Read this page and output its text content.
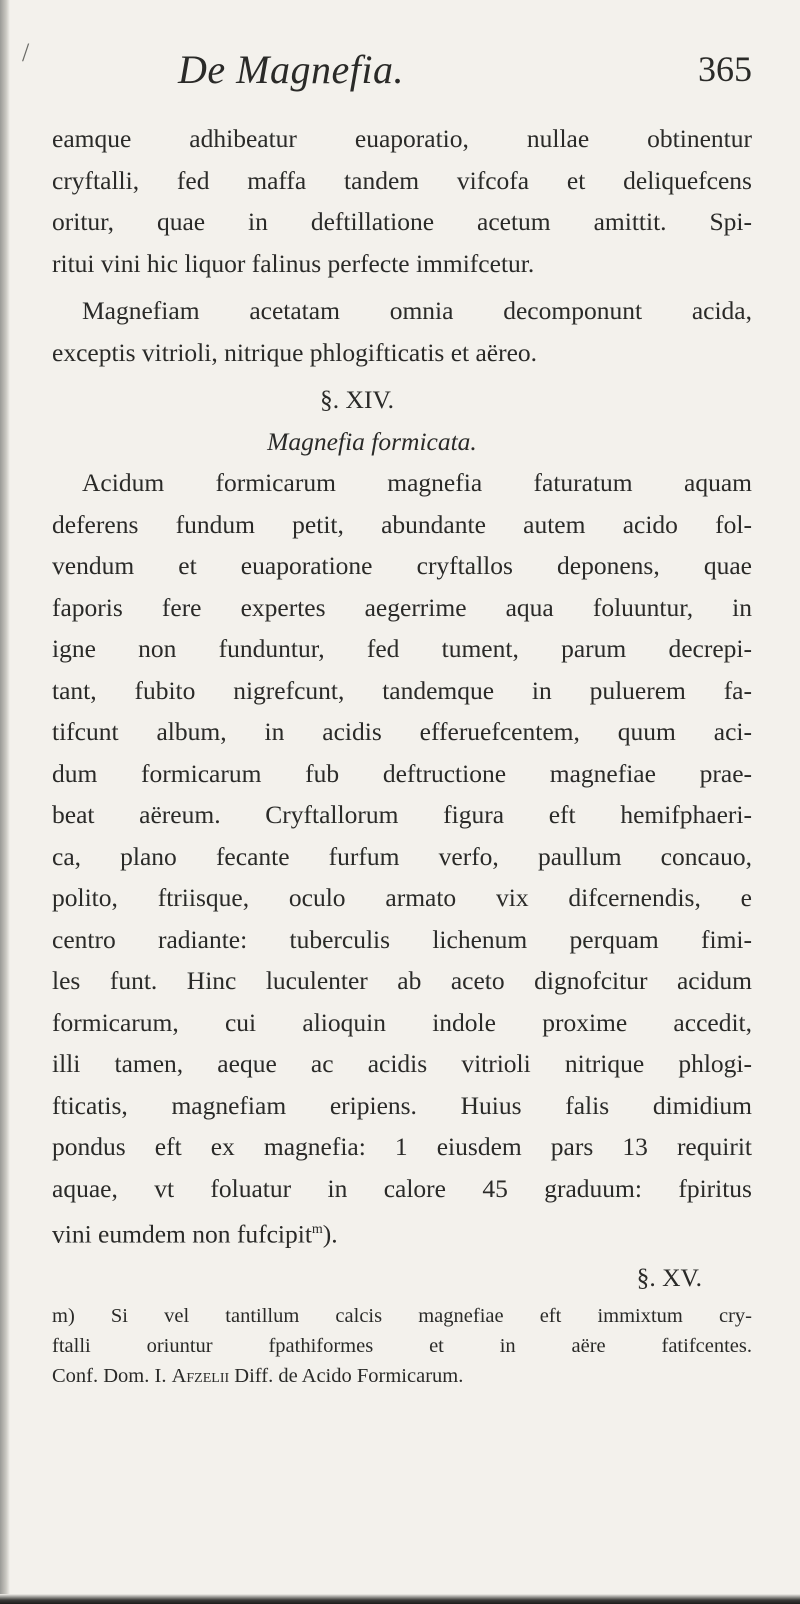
/	De Magnefia.	365

eamque adhibeatur euaporatio, nullae obtinentur
cryftalli, fed maffa tandem vifcofa et deliquefcens
oritur, quae in deftillatione acetum amittit. Spi-
ritui vini hic liquor falinus perfecte immifcetur.

Magnefiam acetatam omnia decomponunt acida,
exceptis vitrioli, nitrique phlogifticatis et aëreo.

§. XIV.
Magnefia formicata.

Acidum formicarum magnefia faturatum aquam
deferens fundum petit, abundante autem acido fol-
vendum et euaporatione cryftallos deponens, quae
faporis fere expertes aegerrime aqua foluuntur, in
igne non funduntur, fed tument, parum decrepi-
tant, fubito nigrefcunt, tandemque in puluerem fa-
tifcunt album, in acidis efferuefcentem, quum aci-
dum formicarum fub deftructione magnefiae prae-
beat aëreum. Cryftallorum figura eft hemifphaeri-
ca, plano fecante furfum verfo, paullum concauo,
polito, ftriisque, oculo armato vix difcernendis, e
centro radiante: tuberculis lichenum perquam fimi-
les funt. Hinc luculenter ab aceto dignofcitur acidum
formicarum, cui alioquin indole proxime accedit,
illi tamen, aeque ac acidis vitrioli nitrique phlogi-
fticatis, magnefiam eripiens. Huius falis dimidium
pondus eft ex magnefia: 1 eiusdem pars 13 requirit
aquae, vt foluatur in calore 45 graduum: fpiritus
vini eumdem non fufcipit$^m$).

§. XV.
m) Si vel tantillum calcis magnefiae eft immixtum cry-
ftalli oriuntur fpathiformes et in aëre fatifcentes.
Conf. Dom. I. Afzelii Diff. de Acido Formicarum.
